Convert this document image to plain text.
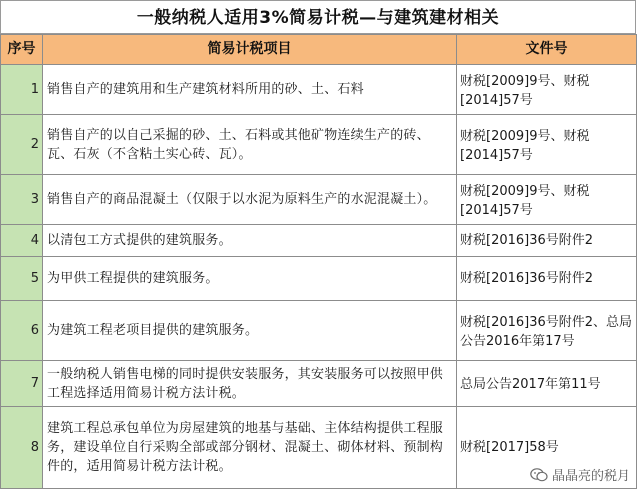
一般纳税人适用3%简易计税—与建筑建材相关
序号	简易计税项目	文件号
1	销售自产的建筑用和生产建筑材料所用的砂、土、石料	财税[2009]9号、财税[2014]57号
2	销售自产的以自己采掘的砂、土、石料或其他矿物连续生产的砖、瓦、石灰（不含粘土实心砖、瓦）。	财税[2009]9号、财税[2014]57号
3	销售自产的商品混凝土（仅限于以水泥为原料生产的水泥混凝土）。	财税[2009]9号、财税[2014]57号
4	以清包工方式提供的建筑服务。	财税[2016]36号附件2
5	为甲供工程提供的建筑服务。	财税[2016]36号附件2
6	为建筑工程老项目提供的建筑服务。	财税[2016]36号附件2、总局公告2016年第17号
7	一般纳税人销售电梯的同时提供安装服务，其安装服务可以按照甲供工程选择适用简易计税方法计税。	总局公告2017年第11号
8	建筑工程总承包单位为房屋建筑的地基与基础、主体结构提供工程服务，建设单位自行采购全部或部分钢材、混凝土、砌体材料、预制构件的，适用简易计税方法计税。	财税[2017]58号
晶晶亮的税月
